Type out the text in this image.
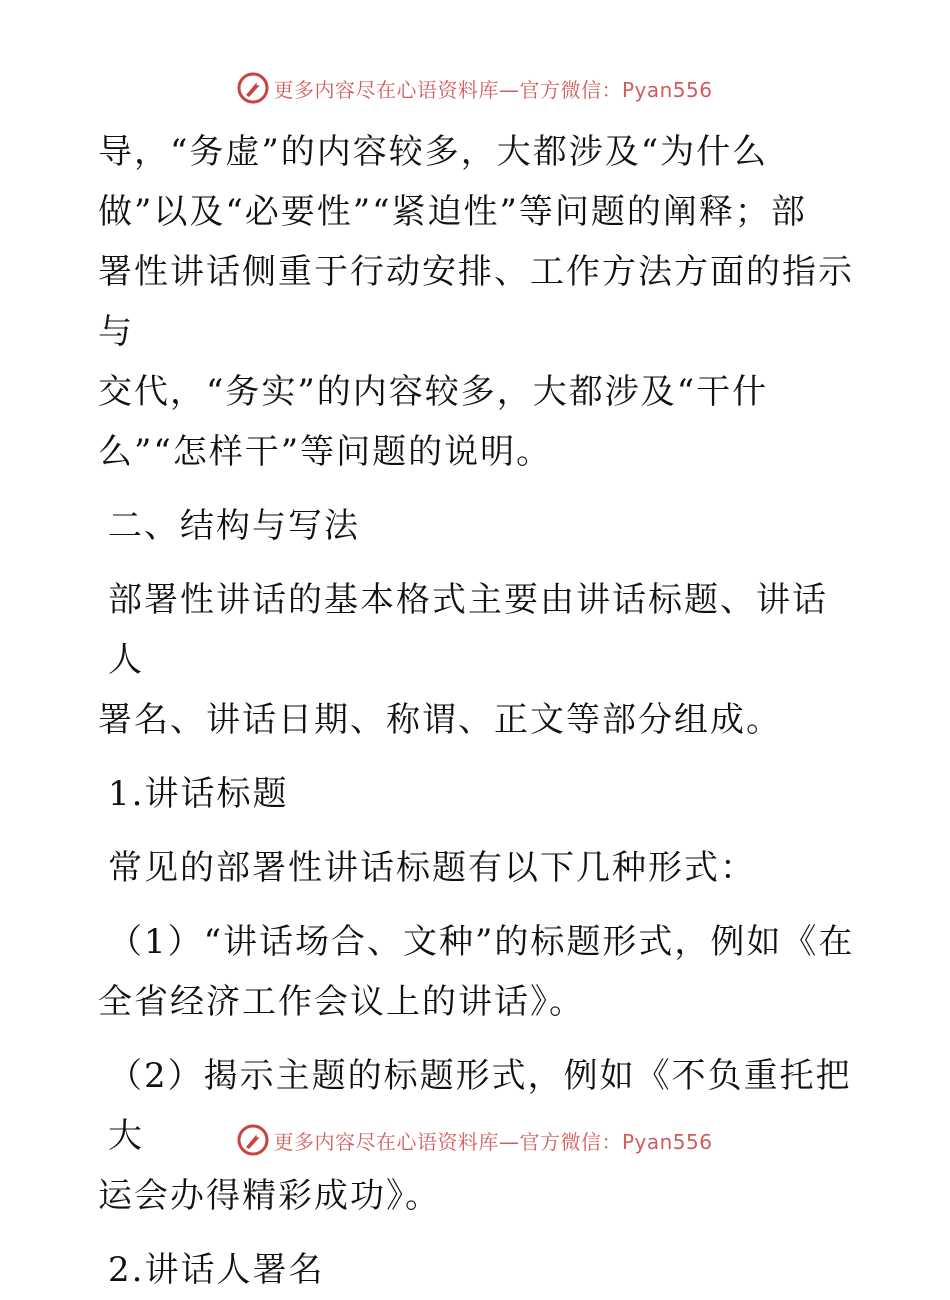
更多内容尽在心语资料库—官方微信：Pyan556

导，“务虚”的内容较多，大都涉及“为什么

做”以及“必要性”“紧迫性”等问题的阐释；部

署性讲话侧重于行动安排、工作方法方面的指示与

交代，“务实”的内容较多，大都涉及“干什

么”“怎样干”等问题的说明。

二、结构与写法

部署性讲话的基本格式主要由讲话标题、讲话人

署名、讲话日期、称谓、正文等部分组成。

1.讲话标题

常见的部署性讲话标题有以下几种形式：

（1）“讲话场合、文种”的标题形式，例如《在

全省经济工作会议上的讲话》。

（2）揭示主题的标题形式，例如《不负重托把大

运会办得精彩成功》。

2.讲话人署名

更多内容尽在心语资料库—官方微信：Pyan556
